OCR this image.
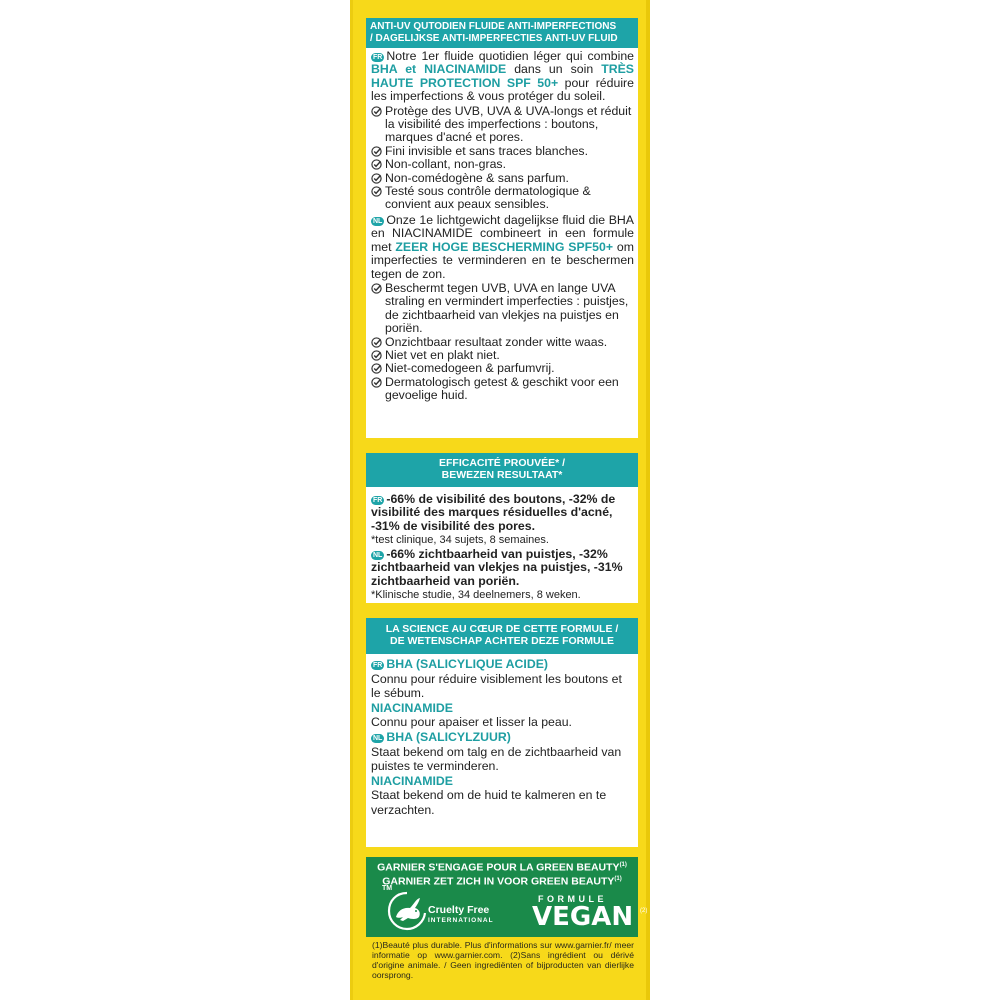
ANTI-UV QUTODIEN FLUIDE ANTI-IMPERFECTIONS
/ DAGELIJKSE ANTI-IMPERFECTIES ANTI-UV FLUID

FR Notre 1er fluide quotidien léger qui combine BHA et NIACINAMIDE dans un soin TRÈS HAUTE PROTECTION SPF 50+ pour réduire les imperfections & vous protéger du soleil.

Protège des UVB, UVA & UVA-longs et réduit la visibilité des imperfections : boutons, marques d'acné et pores.
Fini invisible et sans traces blanches.
Non-collant, non-gras.
Non-comédogène & sans parfum.
Testé sous contrôle dermatologique & convient aux peaux sensibles.

NL Onze 1e lichtgewicht dagelijkse fluid die BHA en NIACINAMIDE combineert in een formule met ZEER HOGE BESCHERMING SPF50+ om imperfecties te verminderen en te beschermen tegen de zon.

Beschermt tegen UVB, UVA en lange UVA straling en vermindert imperfecties : puistjes, de zichtbaarheid van vlekjes na puistjes en poriën.
Onzichtbaar resultaat zonder witte waas.
Niet vet en plakt niet.
Niet-comedogeen & parfumvrij.
Dermatologisch getest & geschikt voor een gevoelige huid.
EFFICACITÉ PROUVÉE* /
BEWEZEN RESULTAAT*

FR -66% de visibilité des boutons, -32% de visibilité des marques résiduelles d'acné, -31% de visibilité des pores.

*test clinique, 34 sujets, 8 semaines.

NL -66% zichtbaarheid van puistjes, -32% zichtbaarheid van vlekjes na puistjes, -31% zichtbaarheid van poriën.

*Klinische studie, 34 deelnemers, 8 weken.

LA SCIENCE AU CŒUR DE CETTE FORMULE /
DE WETENSCHAP ACHTER DEZE FORMULE
FR BHA (SALICYLIQUE ACIDE)
Connu pour réduire visiblement les boutons et le sébum.
NIACINAMIDE
Connu pour apaiser et lisser la peau.
NL BHA (SALICYLZUUR)
Staat bekend om talg en de zichtbaarheid van puistes te verminderen.
NIACINAMIDE
Staat bekend om de huid te kalmeren en te verzachten.
GARNIER S'ENGAGE POUR LA GREEN BEAUTY$^{(1)}$
GARNIER ZET ZICH IN VOOR GREEN BEAUTY$^{(1)}$
TM
Cruelty Free
INTERNATIONAL
FORMULE
VEGAN (2)
(1)Beauté plus durable. Plus d'informations sur www.garnier.fr/ meer informatie op www.garnier.com. (2)Sans ingrédient ou dérivé d'origine animale. / Geen ingrediënten of bijproducten van dierlijke oorsprong.
